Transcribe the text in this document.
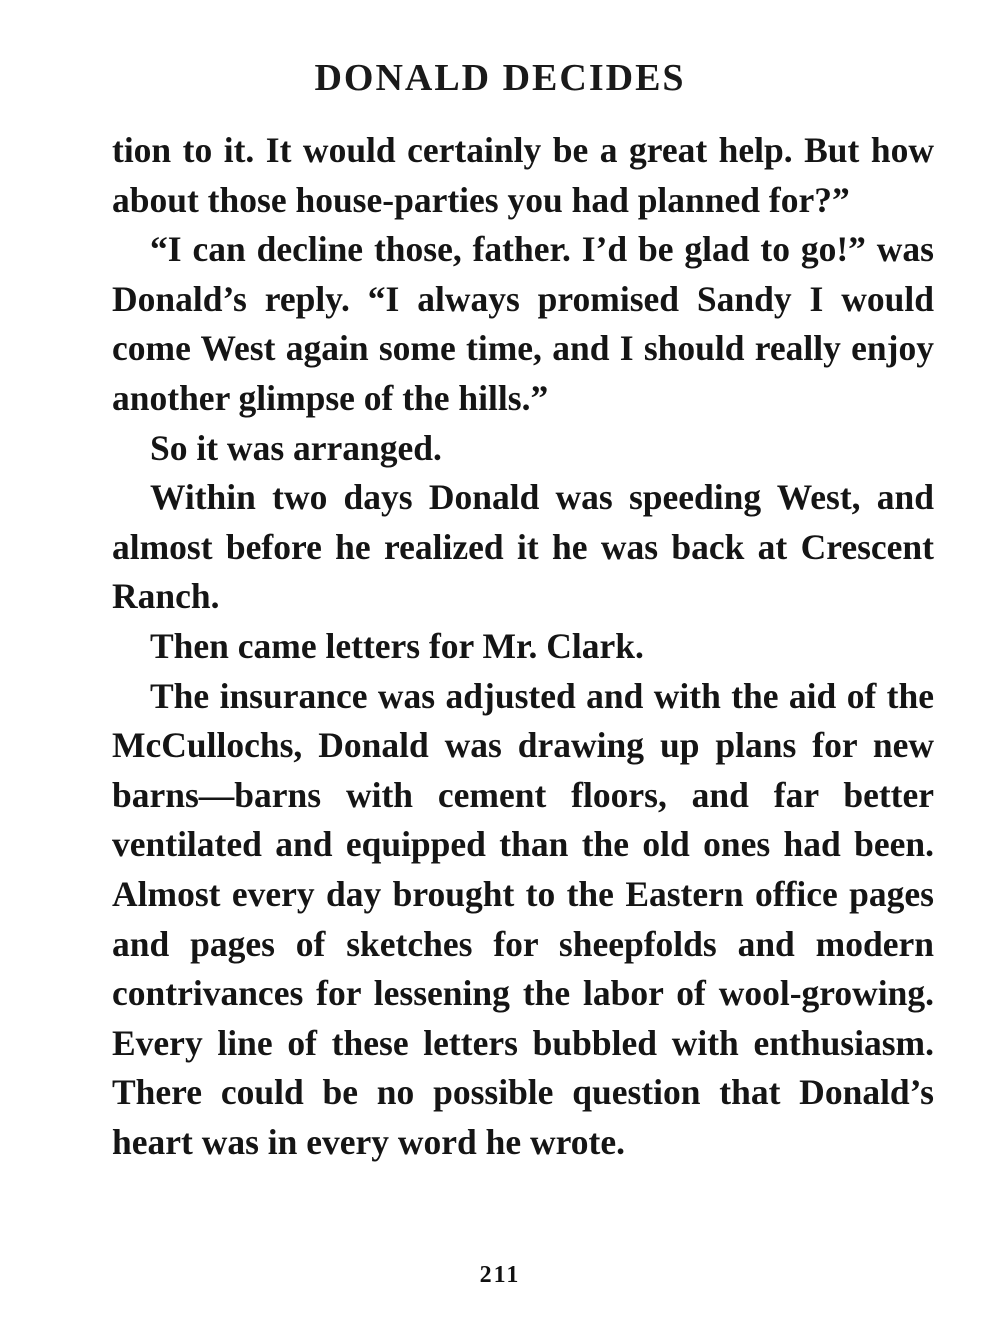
DONALD DECIDES

tion to it. It would certainly be a great help. But how about those house-parties you had planned for?”

“I can decline those, father. I’d be glad to go!” was Donald’s reply. “I always promised Sandy I would come West again some time, and I should really enjoy another glimpse of the hills.”

So it was arranged.

Within two days Donald was speeding West, and almost before he realized it he was back at Crescent Ranch.

Then came letters for Mr. Clark.

The insurance was adjusted and with the aid of the McCullochs, Donald was drawing up plans for new barns—barns with cement floors, and far better ventilated and equipped than the old ones had been. Almost every day brought to the Eastern office pages and pages of sketches for sheepfolds and modern contrivances for lessening the labor of wool-growing. Every line of these letters bubbled with enthusiasm. There could be no possible question that Donald’s heart was in every word he wrote.

211
